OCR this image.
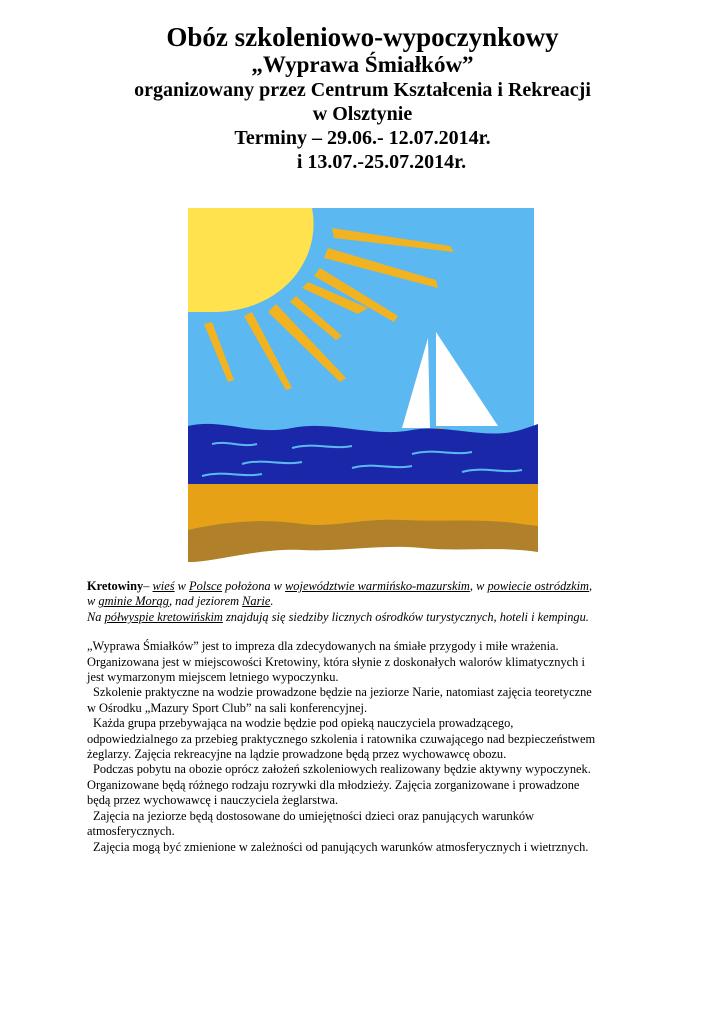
Obóz szkoleniowo-wypoczynkowy
„Wyprawa Śmiałków”
organizowany przez Centrum Kształcenia i Rekreacji
w Olsztynie
Terminy – 29.06.- 12.07.2014r.
i 13.07.-25.07.2014r.

Kretowiny– wieś w Polsce położona w województwie warmińsko-mazurskim, w powiecie ostródzkim,
w gminie Morąg, nad jeziorem Narie.
Na półwyspie kretowińskim znajdują się siedziby licznych ośrodków turystycznych, hoteli i kempingu.

„Wyprawa Śmiałków” jest to impreza dla zdecydowanych na śmiałe przygody i miłe wrażenia.

Organizowana jest w miejscowości Kretowiny, która słynie z doskonałych walorów klimatycznych i

jest wymarzonym miejscem letniego wypoczynku.

Szkolenie praktyczne na wodzie prowadzone będzie na jeziorze Narie, natomiast zajęcia teoretyczne

w Ośrodku „Mazury Sport Club” na sali konferencyjnej.

Każda grupa przebywająca na wodzie będzie pod opieką nauczyciela prowadzącego,

odpowiedzialnego za przebieg praktycznego szkolenia i ratownika czuwającego nad bezpieczeństwem

żeglarzy. Zajęcia rekreacyjne na lądzie prowadzone będą przez wychowawcę obozu.

Podczas pobytu na obozie oprócz założeń szkoleniowych realizowany będzie aktywny wypoczynek.

Organizowane będą różnego rodzaju rozrywki dla młodzieży. Zajęcia zorganizowane i prowadzone

będą przez wychowawcę i nauczyciela żeglarstwa.

Zajęcia na jeziorze będą dostosowane do umiejętności dzieci oraz panujących warunków

atmosferycznych.

Zajęcia mogą być zmienione w zależności od panujących warunków atmosferycznych i wietrznych.
